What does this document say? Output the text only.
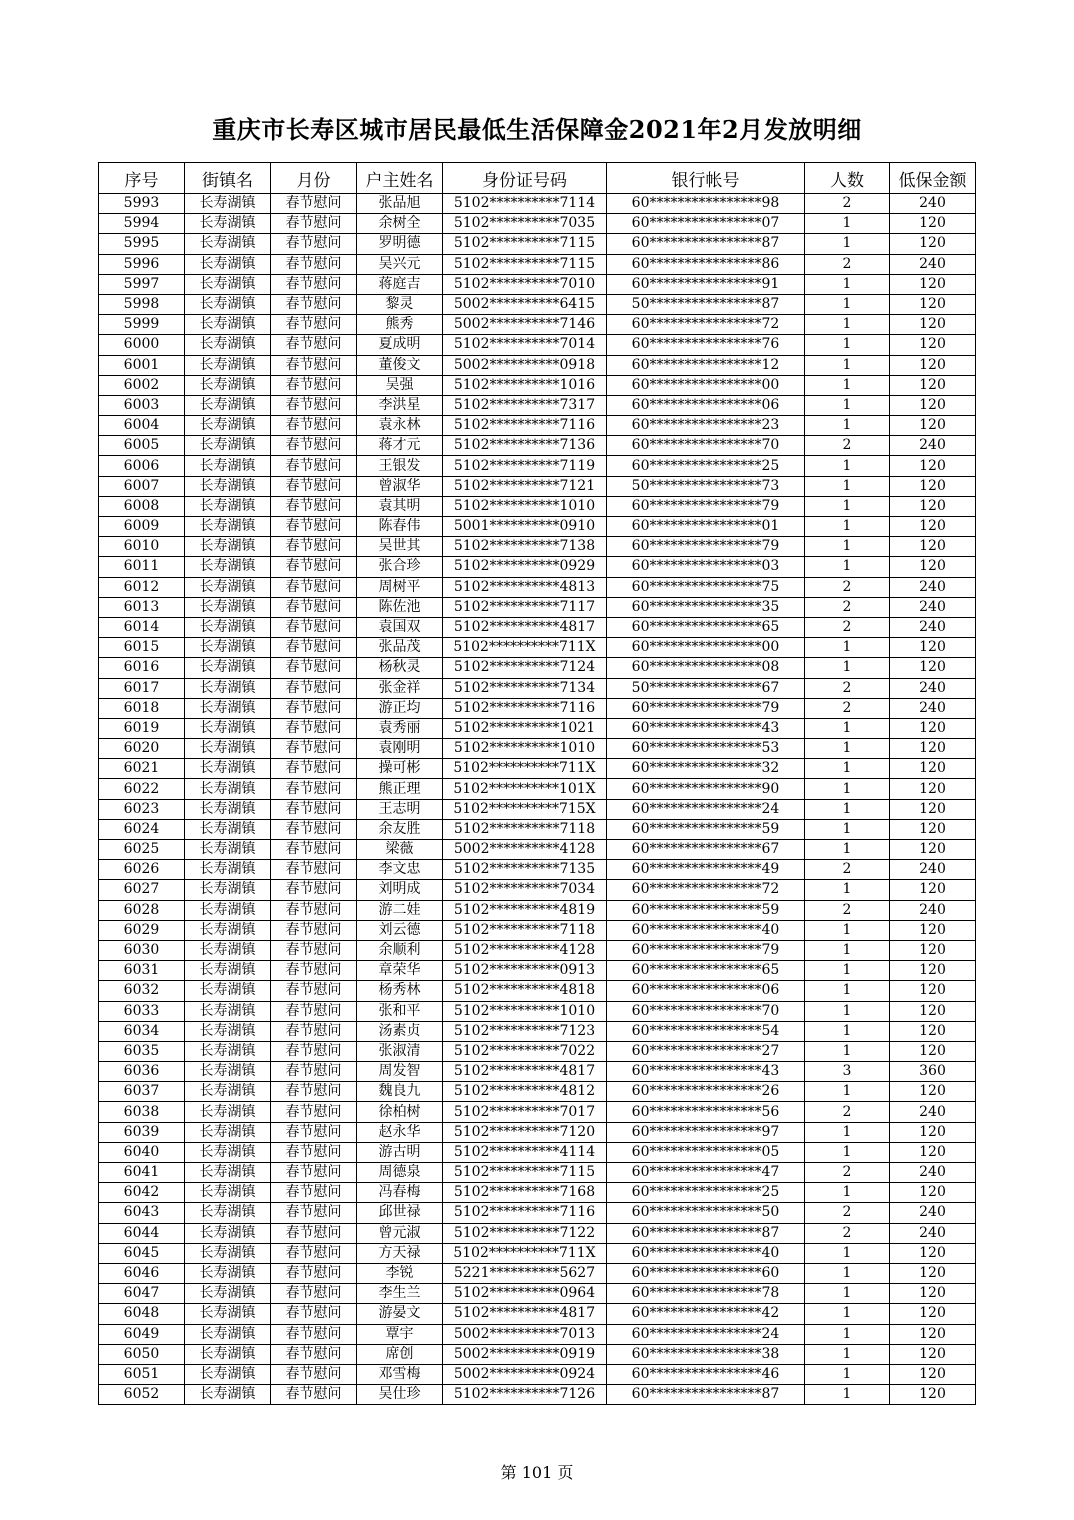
重庆市长寿区城市居民最低生活保障金2021年2月发放明细
序号	街镇名	月份	户主姓名	身份证号码	银行帐号	人数	低保金额
5993	长寿湖镇	春节慰问	张品旭	5102**********7114	60****************98	2	240
5994	长寿湖镇	春节慰问	余树全	5102**********7035	60****************07	1	120
5995	长寿湖镇	春节慰问	罗明德	5102**********7115	60****************87	1	120
5996	长寿湖镇	春节慰问	吴兴元	5102**********7115	60****************86	2	240
5997	长寿湖镇	春节慰问	蒋庭吉	5102**********7010	60****************91	1	120
5998	长寿湖镇	春节慰问	黎灵	5002**********6415	50****************87	1	120
5999	长寿湖镇	春节慰问	熊秀	5002**********7146	60****************72	1	120
6000	长寿湖镇	春节慰问	夏成明	5102**********7014	60****************76	1	120
6001	长寿湖镇	春节慰问	董俊文	5002**********0918	60****************12	1	120
6002	长寿湖镇	春节慰问	吴强	5102**********1016	60****************00	1	120
6003	长寿湖镇	春节慰问	李洪星	5102**********7317	60****************06	1	120
6004	长寿湖镇	春节慰问	袁永林	5102**********7116	60****************23	1	120
6005	长寿湖镇	春节慰问	蒋才元	5102**********7136	60****************70	2	240
6006	长寿湖镇	春节慰问	王银发	5102**********7119	60****************25	1	120
6007	长寿湖镇	春节慰问	曾淑华	5102**********7121	50****************73	1	120
6008	长寿湖镇	春节慰问	袁其明	5102**********1010	60****************79	1	120
6009	长寿湖镇	春节慰问	陈春伟	5001**********0910	60****************01	1	120
6010	长寿湖镇	春节慰问	吴世其	5102**********7138	60****************79	1	120
6011	长寿湖镇	春节慰问	张合珍	5102**********0929	60****************03	1	120
6012	长寿湖镇	春节慰问	周树平	5102**********4813	60****************75	2	240
6013	长寿湖镇	春节慰问	陈佐池	5102**********7117	60****************35	2	240
6014	长寿湖镇	春节慰问	袁国双	5102**********4817	60****************65	2	240
6015	长寿湖镇	春节慰问	张品茂	5102**********711X	60****************00	1	120
6016	长寿湖镇	春节慰问	杨秋灵	5102**********7124	60****************08	1	120
6017	长寿湖镇	春节慰问	张金祥	5102**********7134	50****************67	2	240
6018	长寿湖镇	春节慰问	游正均	5102**********7116	60****************79	2	240
6019	长寿湖镇	春节慰问	袁秀丽	5102**********1021	60****************43	1	120
6020	长寿湖镇	春节慰问	袁刚明	5102**********1010	60****************53	1	120
6021	长寿湖镇	春节慰问	操可彬	5102**********711X	60****************32	1	120
6022	长寿湖镇	春节慰问	熊正理	5102**********101X	60****************90	1	120
6023	长寿湖镇	春节慰问	王志明	5102**********715X	60****************24	1	120
6024	长寿湖镇	春节慰问	余友胜	5102**********7118	60****************59	1	120
6025	长寿湖镇	春节慰问	梁薇	5002**********4128	60****************67	1	120
6026	长寿湖镇	春节慰问	李文忠	5102**********7135	60****************49	2	240
6027	长寿湖镇	春节慰问	刘明成	5102**********7034	60****************72	1	120
6028	长寿湖镇	春节慰问	游二娃	5102**********4819	60****************59	2	240
6029	长寿湖镇	春节慰问	刘云德	5102**********7118	60****************40	1	120
6030	长寿湖镇	春节慰问	余顺利	5102**********4128	60****************79	1	120
6031	长寿湖镇	春节慰问	章荣华	5102**********0913	60****************65	1	120
6032	长寿湖镇	春节慰问	杨秀林	5102**********4818	60****************06	1	120
6033	长寿湖镇	春节慰问	张和平	5102**********1010	60****************70	1	120
6034	长寿湖镇	春节慰问	汤素贞	5102**********7123	60****************54	1	120
6035	长寿湖镇	春节慰问	张淑清	5102**********7022	60****************27	1	120
6036	长寿湖镇	春节慰问	周发智	5102**********4817	60****************43	3	360
6037	长寿湖镇	春节慰问	魏良九	5102**********4812	60****************26	1	120
6038	长寿湖镇	春节慰问	徐柏树	5102**********7017	60****************56	2	240
6039	长寿湖镇	春节慰问	赵永华	5102**********7120	60****************97	1	120
6040	长寿湖镇	春节慰问	游古明	5102**********4114	60****************05	1	120
6041	长寿湖镇	春节慰问	周德泉	5102**********7115	60****************47	2	240
6042	长寿湖镇	春节慰问	冯春梅	5102**********7168	60****************25	1	120
6043	长寿湖镇	春节慰问	邱世禄	5102**********7116	60****************50	2	240
6044	长寿湖镇	春节慰问	曾元淑	5102**********7122	60****************87	2	240
6045	长寿湖镇	春节慰问	方天禄	5102**********711X	60****************40	1	120
6046	长寿湖镇	春节慰问	李锐	5221**********5627	60****************60	1	120
6047	长寿湖镇	春节慰问	李生兰	5102**********0964	60****************78	1	120
6048	长寿湖镇	春节慰问	游晏文	5102**********4817	60****************42	1	120
6049	长寿湖镇	春节慰问	覃宇	5002**********7013	60****************24	1	120
6050	长寿湖镇	春节慰问	席创	5002**********0919	60****************38	1	120
6051	长寿湖镇	春节慰问	邓雪梅	5002**********0924	60****************46	1	120
6052	长寿湖镇	春节慰问	吴仕珍	5102**********7126	60****************87	1	120
第 101 页
